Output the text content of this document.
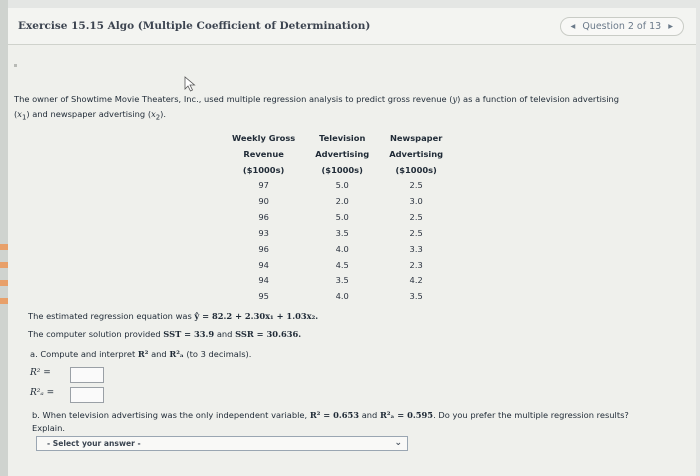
Exercise 15.15 Algo (Multiple Coefficient of Determination)	◂ Question 2 of 13 ▸
The owner of Showtime Movie Theaters, Inc., used multiple regression analysis to predict gross revenue (y) as a function of television advertising
$(x_1)$ and newspaper advertising $(x_2)$.
Weekly Gross
Revenue
($1000s)	Television
Advertising
($1000s)	Newspaper
Advertising
($1000s)
97	5.0	2.5
90	2.0	3.0
96	5.0	2.5
93	3.5	2.5
96	4.0	3.3
94	4.5	2.3
94	3.5	4.2
95	4.0	3.5
The estimated regression equation was ŷ = 82.2 + 2.30x₁ + 1.03x₂.
The computer solution provided SST = 33.9 and SSR = 30.636.
a. Compute and interpret R² and R²ₐ (to 3 decimals).
R² =
R²ₐ =
b. When television advertising was the only independent variable, R² = 0.653 and R²ₐ = 0.595. Do you prefer the multiple regression results?
Explain.
- Select your answer -	⌄
